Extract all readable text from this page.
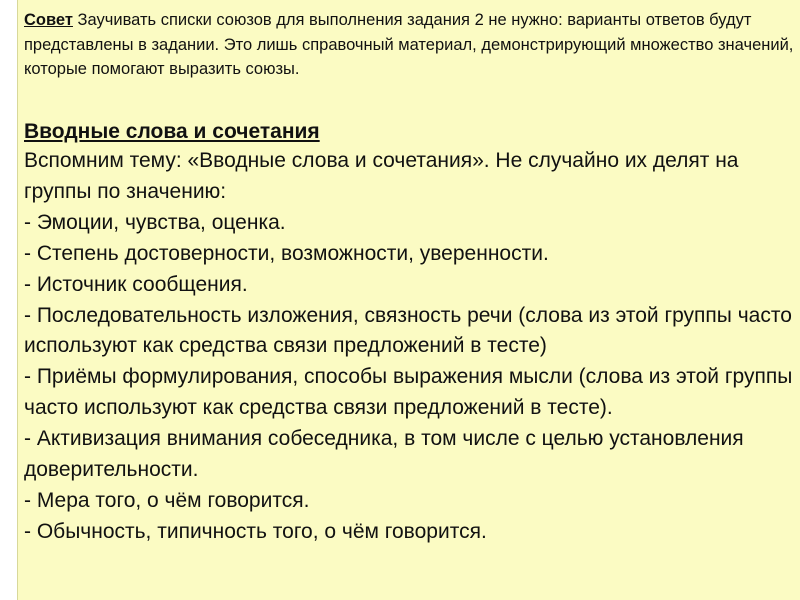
Совет Заучивать списки союзов для выполнения задания 2 не нужно: варианты ответов будут представлены в задании. Это лишь справочный материал, демонстрирующий множество значений, которые помогают выразить союзы.
Вводные слова и сочетания
Вспомним тему: «Вводные слова и сочетания». Не случайно их делят на группы по значению:
- Эмоции, чувства, оценка.
- Степень достоверности, возможности, уверенности.
- Источник сообщения.
- Последовательность изложения, связность речи (слова из этой группы часто используют как средства связи предложений в тесте)
- Приёмы формулирования, способы выражения мысли (слова из этой группы часто используют как средства связи предложений в тесте).
- Активизация внимания собеседника, в том числе с целью установления доверительности.
- Мера того, о чём говорится.
- Обычность, типичность того, о чём говорится.
